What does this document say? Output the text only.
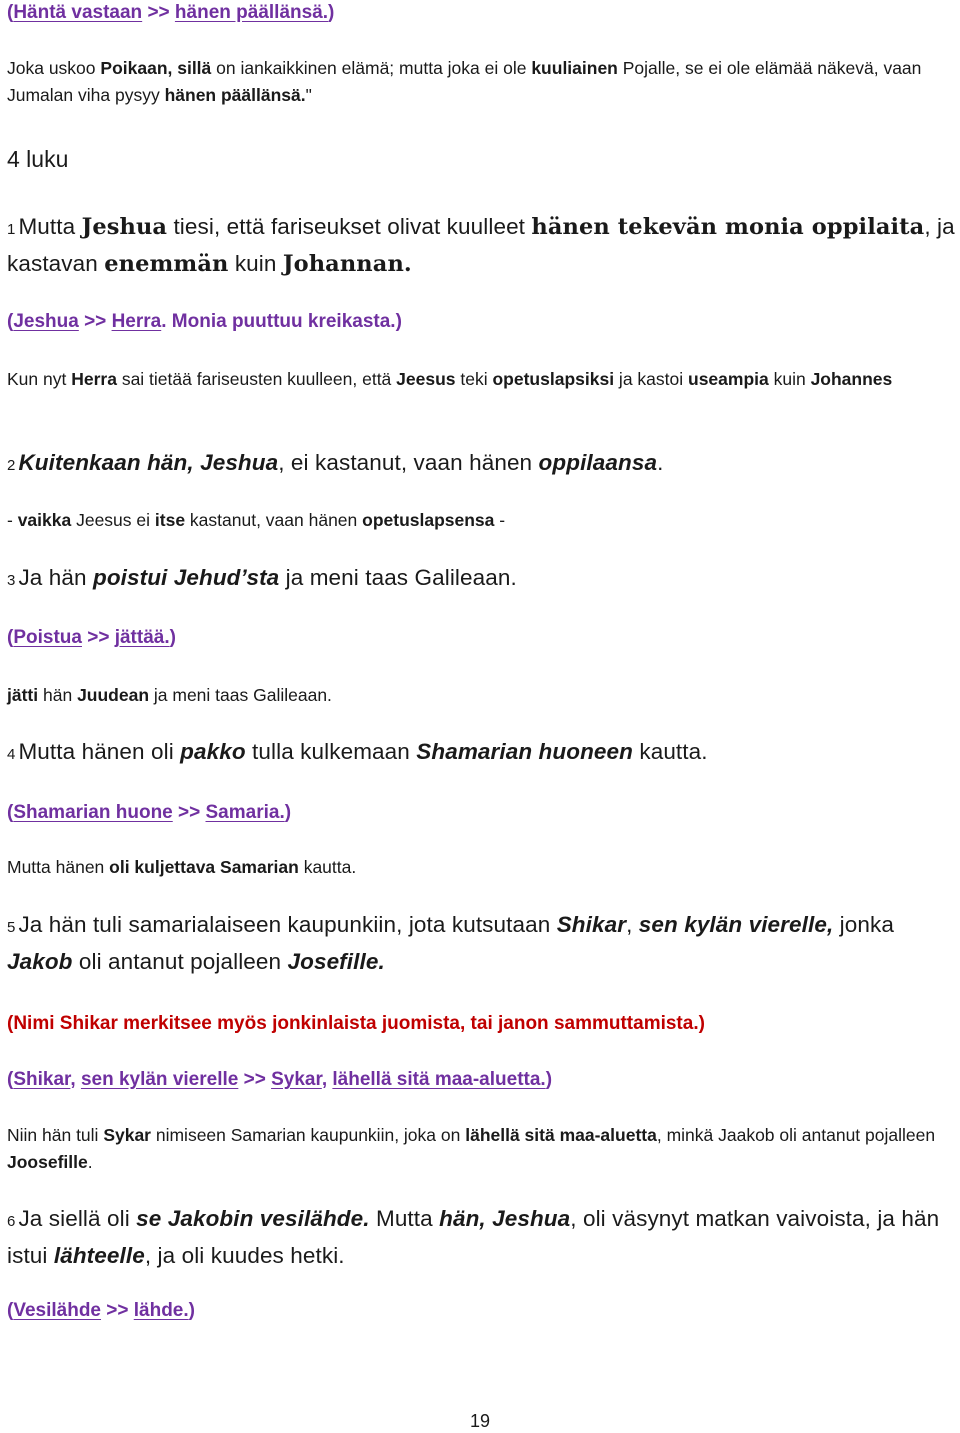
(Häntä vastaan >> hänen päällänsä.)

Joka uskoo Poikaan, sillä on iankaikkinen elämä; mutta joka ei ole kuuliainen Pojalle, se ei ole elämää näkevä, vaan Jumalan viha pysyy hänen päällänsä."

4 luku

1 Mutta Jeshua tiesi, että fariseukset olivat kuulleet hänen tekevän monia oppilaita, ja kastavan enemmän kuin Johannan.

(Jeshua >> Herra. Monia puuttuu kreikasta.)

Kun nyt Herra sai tietää fariseusten kuulleen, että Jeesus teki opetuslapsiksi ja kastoi useampia kuin Johannes

2 Kuitenkaan hän, Jeshua, ei kastanut, vaan hänen oppilaansa.

- vaikka Jeesus ei itse kastanut, vaan hänen opetuslapsensa -

3 Ja hän poistui Jehud’sta ja meni taas Galileaan.

(Poistua >> jättää.)

jätti hän Juudean ja meni taas Galileaan.

4 Mutta hänen oli pakko tulla kulkemaan Shamarian huoneen kautta.

(Shamarian huone >> Samaria.)

Mutta hänen oli kuljettava Samarian kautta.

5 Ja hän tuli samarialaiseen kaupunkiin, jota kutsutaan Shikar, sen kylän vierelle, jonka Jakob oli antanut pojalleen Josefille.

(Nimi Shikar merkitsee myös jonkinlaista juomista, tai janon sammuttamista.)

(Shikar, sen kylän vierelle >> Sykar, lähellä sitä maa-aluetta.)

Niin hän tuli Sykar nimiseen Samarian kaupunkiin, joka on lähellä sitä maa-aluetta, minkä Jaakob oli antanut pojalleen Joosefille.

6 Ja siellä oli se Jakobin vesilähde. Mutta hän, Jeshua, oli väsynyt matkan vaivoista, ja hän istui lähteelle, ja oli kuudes hetki.

(Vesilähde >> lähde.)

19
